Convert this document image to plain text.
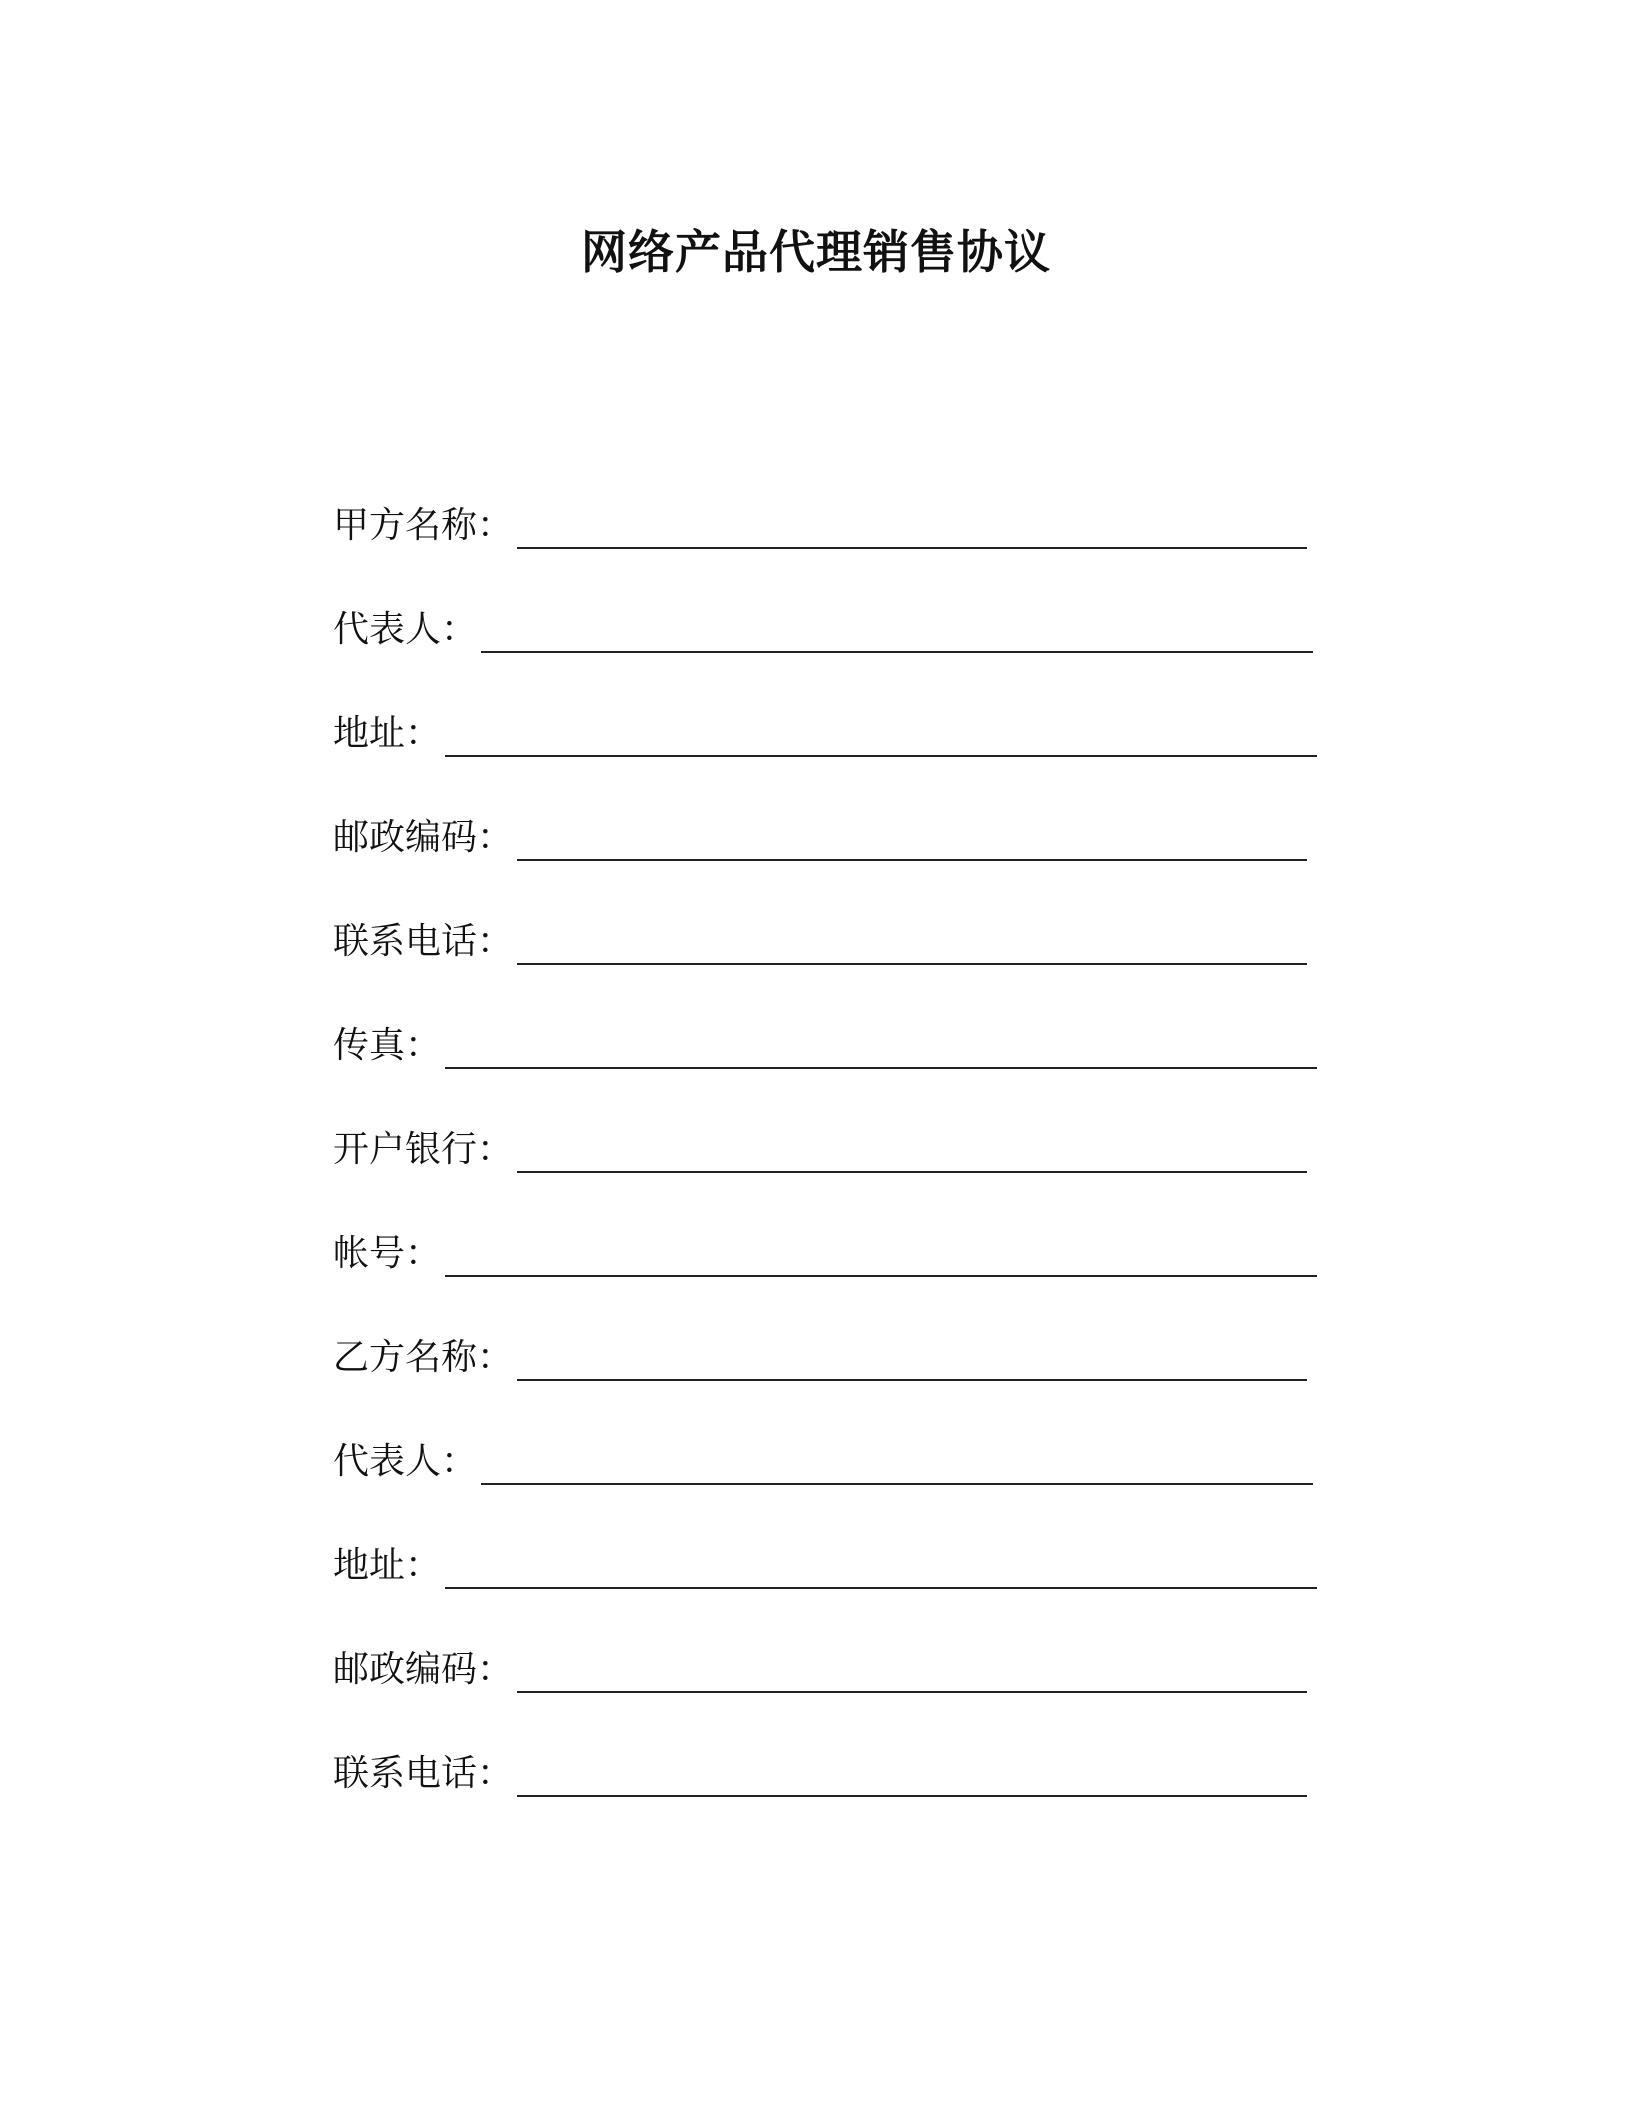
网络产品代理销售协议
甲方名称：
代表人：
地址：
邮政编码：
联系电话：
传真：
开户银行：
帐号：
乙方名称：
代表人：
地址：
邮政编码：
联系电话：
